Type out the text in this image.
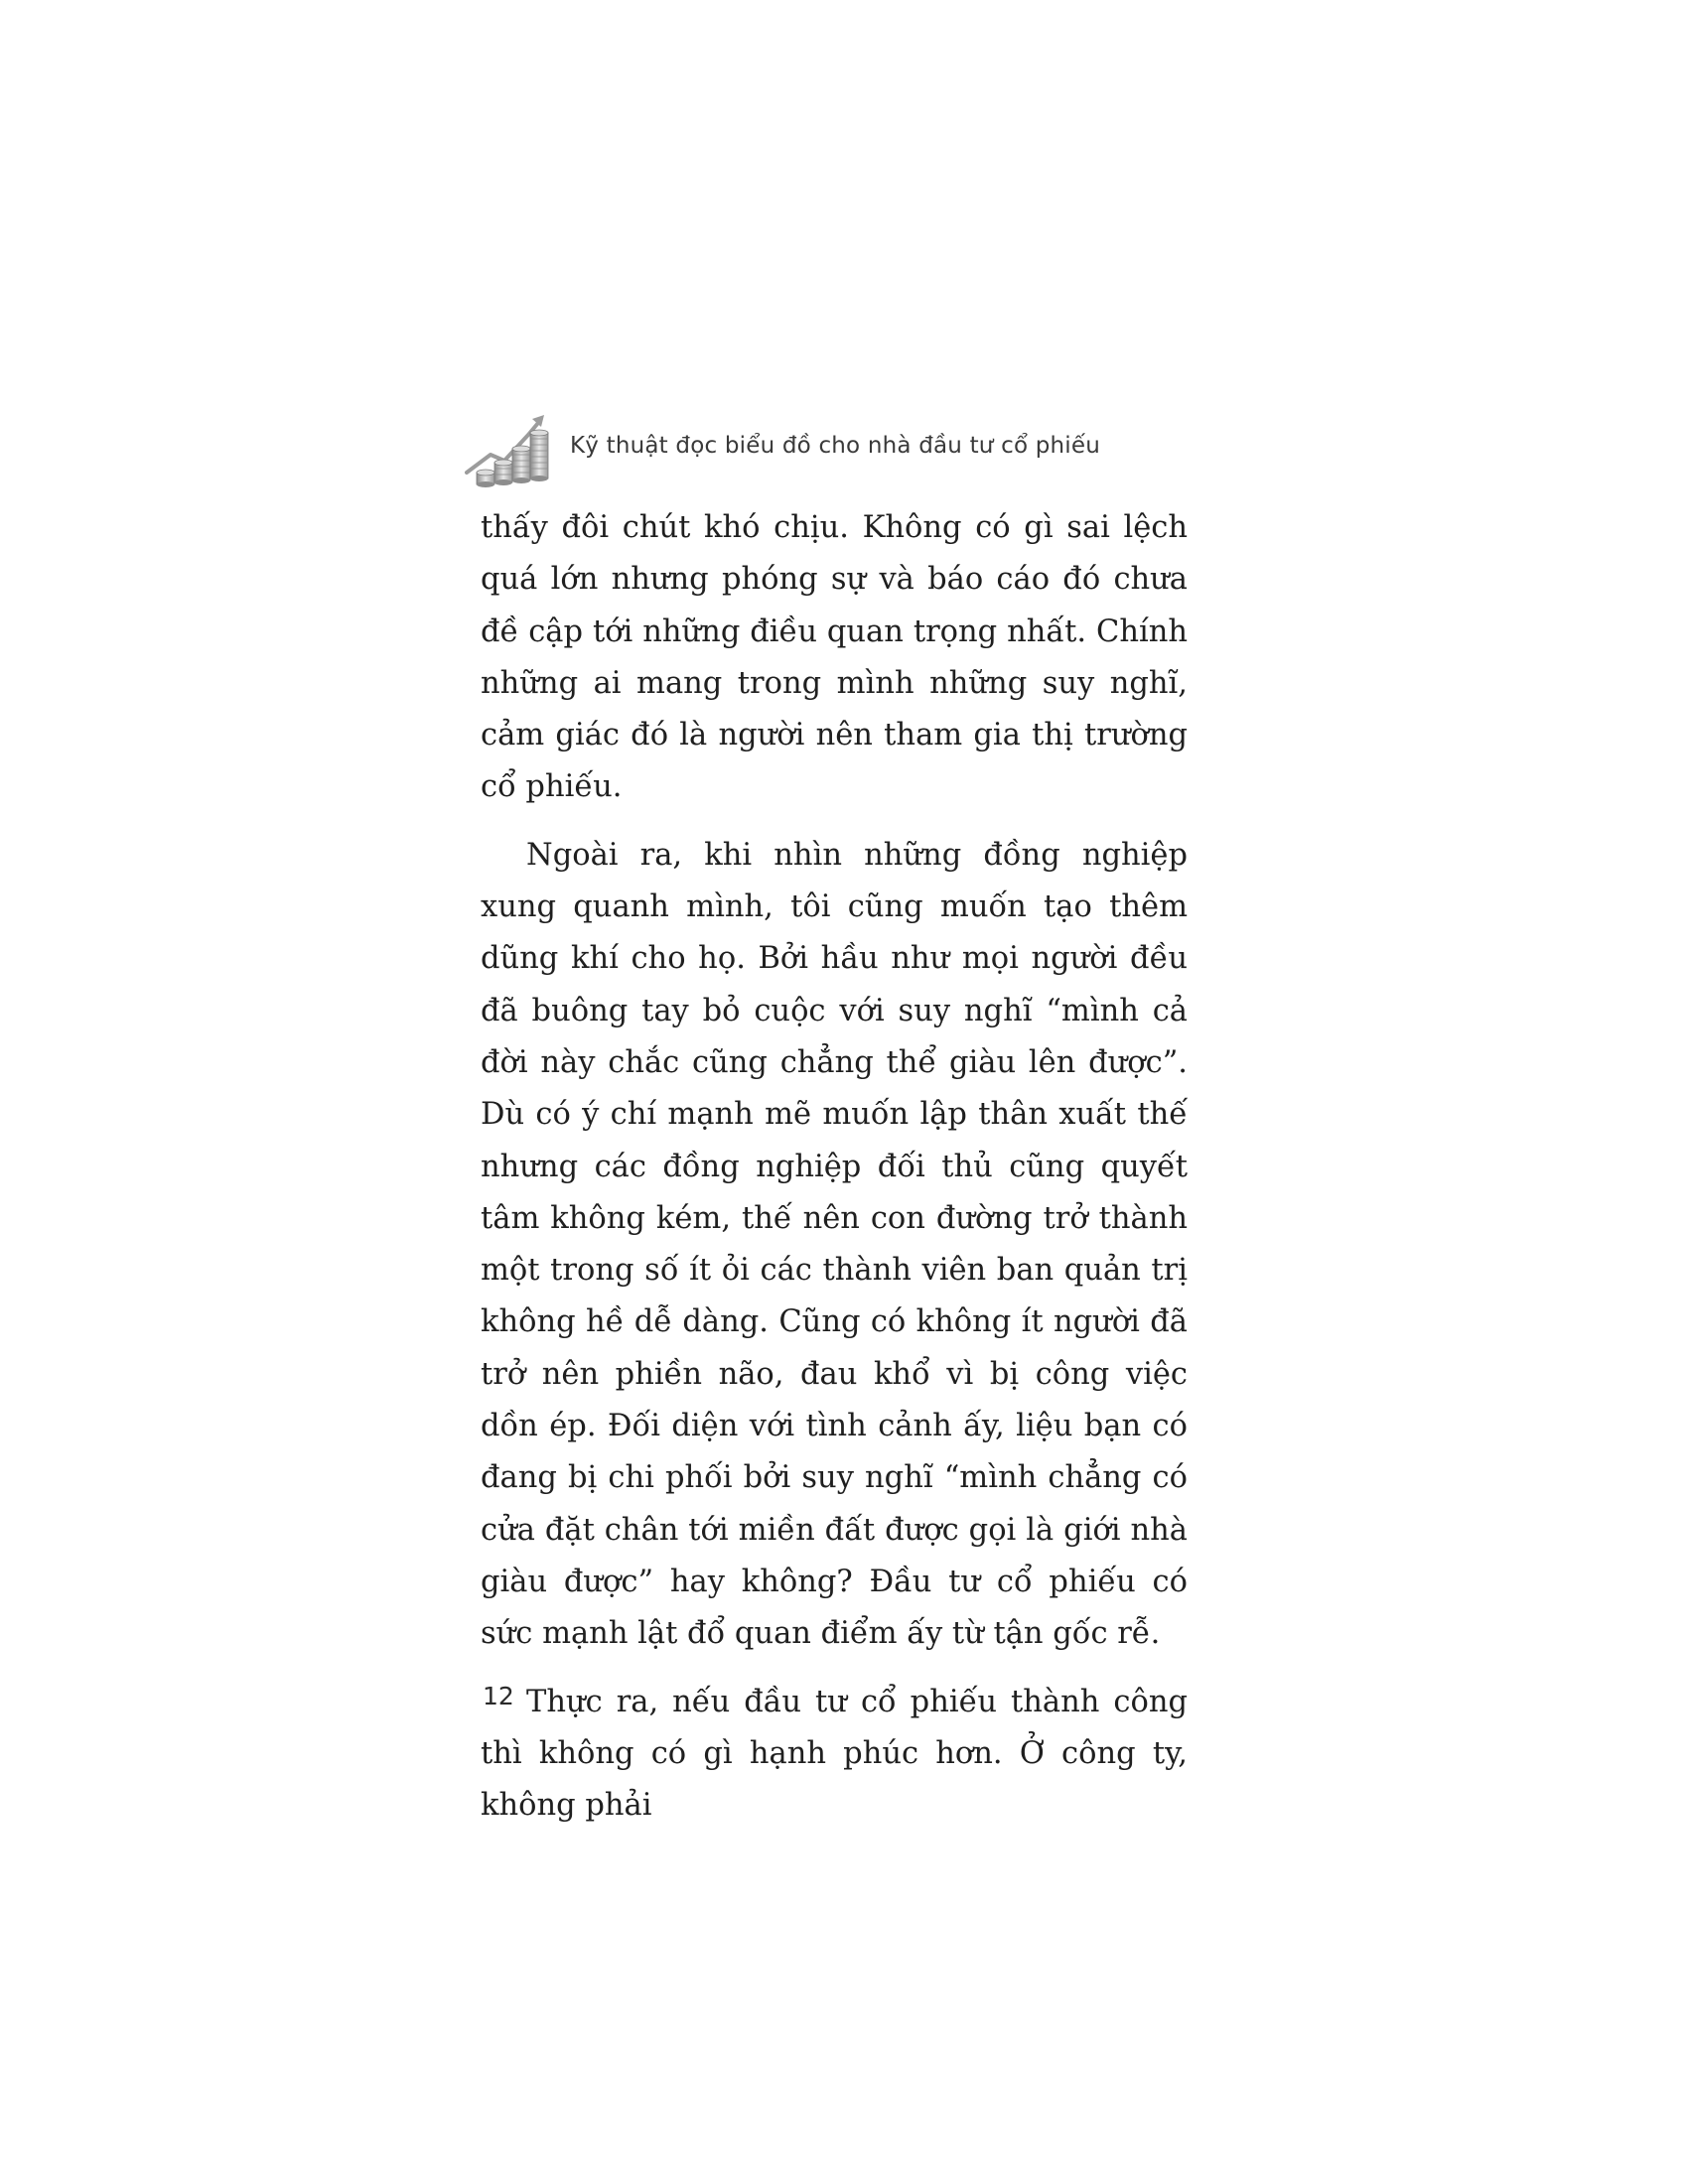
Kỹ thuật đọc biểu đồ cho nhà đầu tư cổ phiếu

thấy đôi chút khó chịu. Không có gì sai lệch quá lớn nhưng phóng sự và báo cáo đó chưa đề cập tới những điều quan trọng nhất. Chính những ai mang trong mình những suy nghĩ, cảm giác đó là người nên tham gia thị trường cổ phiếu.

Ngoài ra, khi nhìn những đồng nghiệp xung quanh mình, tôi cũng muốn tạo thêm dũng khí cho họ. Bởi hầu như mọi người đều đã buông tay bỏ cuộc với suy nghĩ “mình cả đời này chắc cũng chẳng thể giàu lên được”. Dù có ý chí mạnh mẽ muốn lập thân xuất thế nhưng các đồng nghiệp đối thủ cũng quyết tâm không kém, thế nên con đường trở thành một trong số ít ỏi các thành viên ban quản trị không hề dễ dàng. Cũng có không ít người đã trở nên phiền não, đau khổ vì bị công việc dồn ép. Đối diện với tình cảnh ấy, liệu bạn có đang bị chi phối bởi suy nghĩ “mình chẳng có cửa đặt chân tới miền đất được gọi là giới nhà giàu được” hay không? Đầu tư cổ phiếu có sức mạnh lật đổ quan điểm ấy từ tận gốc rễ.

Thực ra, nếu đầu tư cổ phiếu thành công thì không có gì hạnh phúc hơn. Ở công ty, không phải

12
